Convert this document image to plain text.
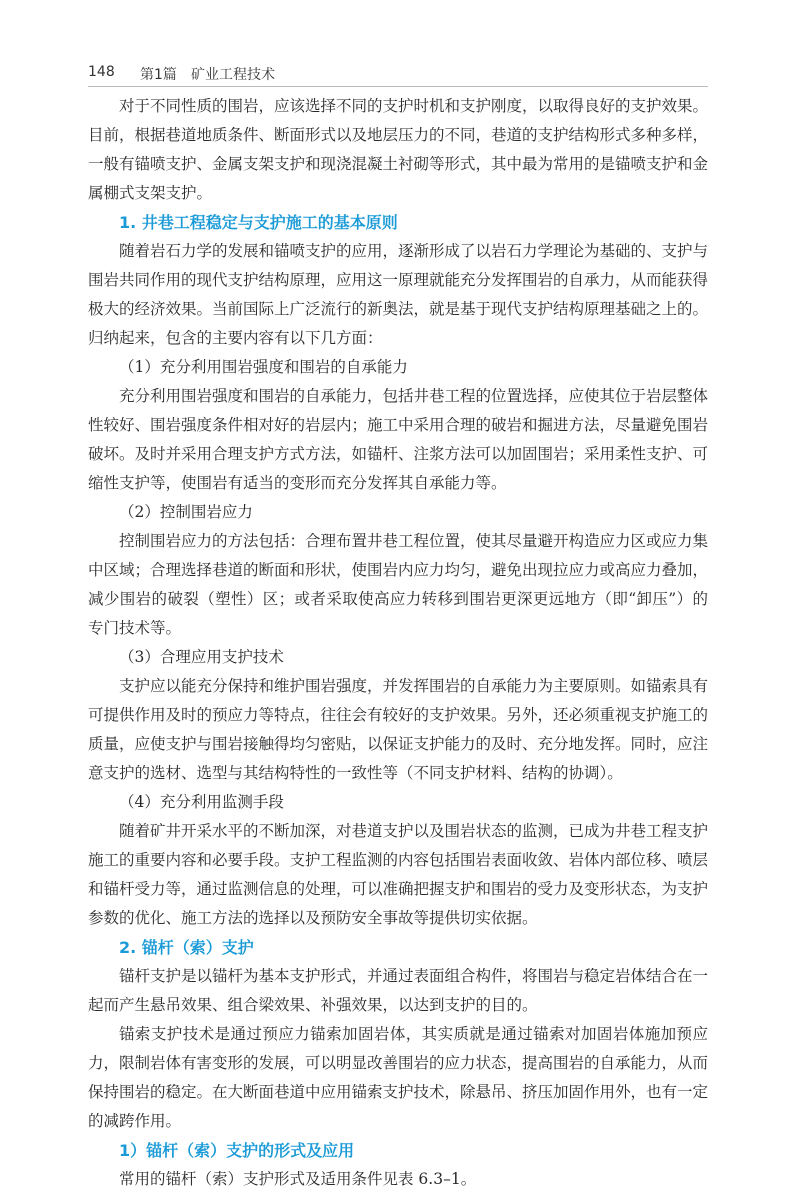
148 第1篇 矿业工程技术

对于不同性质的围岩，应该选择不同的支护时机和支护刚度，以取得良好的支护效果。目前，根据巷道地质条件、断面形式以及地层压力的不同，巷道的支护结构形式多种多样，一般有锚喷支护、金属支架支护和现浇混凝土衬砌等形式，其中最为常用的是锚喷支护和金属棚式支架支护。

1. 井巷工程稳定与支护施工的基本原则

随着岩石力学的发展和锚喷支护的应用，逐渐形成了以岩石力学理论为基础的、支护与围岩共同作用的现代支护结构原理，应用这一原理就能充分发挥围岩的自承力，从而能获得极大的经济效果。当前国际上广泛流行的新奥法，就是基于现代支护结构原理基础之上的。归纳起来，包含的主要内容有以下几方面：

（1）充分利用围岩强度和围岩的自承能力

充分利用围岩强度和围岩的自承能力，包括井巷工程的位置选择，应使其位于岩层整体性较好、围岩强度条件相对好的岩层内；施工中采用合理的破岩和掘进方法，尽量避免围岩破坏。及时并采用合理支护方式方法，如锚杆、注浆方法可以加固围岩；采用柔性支护、可缩性支护等，使围岩有适当的变形而充分发挥其自承能力等。

（2）控制围岩应力

控制围岩应力的方法包括：合理布置井巷工程位置，使其尽量避开构造应力区或应力集中区域；合理选择巷道的断面和形状，使围岩内应力均匀，避免出现拉应力或高应力叠加，减少围岩的破裂（塑性）区；或者采取使高应力转移到围岩更深更远地方（即“卸压”）的专门技术等。

（3）合理应用支护技术

支护应以能充分保持和维护围岩强度，并发挥围岩的自承能力为主要原则。如锚索具有可提供作用及时的预应力等特点，往往会有较好的支护效果。另外，还必须重视支护施工的质量，应使支护与围岩接触得均匀密贴，以保证支护能力的及时、充分地发挥。同时，应注意支护的选材、选型与其结构特性的一致性等（不同支护材料、结构的协调）。

（4）充分利用监测手段

随着矿井开采水平的不断加深，对巷道支护以及围岩状态的监测，已成为井巷工程支护施工的重要内容和必要手段。支护工程监测的内容包括围岩表面收敛、岩体内部位移、喷层和锚杆受力等，通过监测信息的处理，可以准确把握支护和围岩的受力及变形状态，为支护参数的优化、施工方法的选择以及预防安全事故等提供切实依据。

2. 锚杆（索）支护

锚杆支护是以锚杆为基本支护形式，并通过表面组合构件，将围岩与稳定岩体结合在一起而产生悬吊效果、组合梁效果、补强效果，以达到支护的目的。

锚索支护技术是通过预应力锚索加固岩体，其实质就是通过锚索对加固岩体施加预应力，限制岩体有害变形的发展，可以明显改善围岩的应力状态，提高围岩的自承能力，从而保持围岩的稳定。在大断面巷道中应用锚索支护技术，除悬吊、挤压加固作用外，也有一定的减跨作用。

1）锚杆（索）支护的形式及应用

常用的锚杆（索）支护形式及适用条件见表 6.3–1。
